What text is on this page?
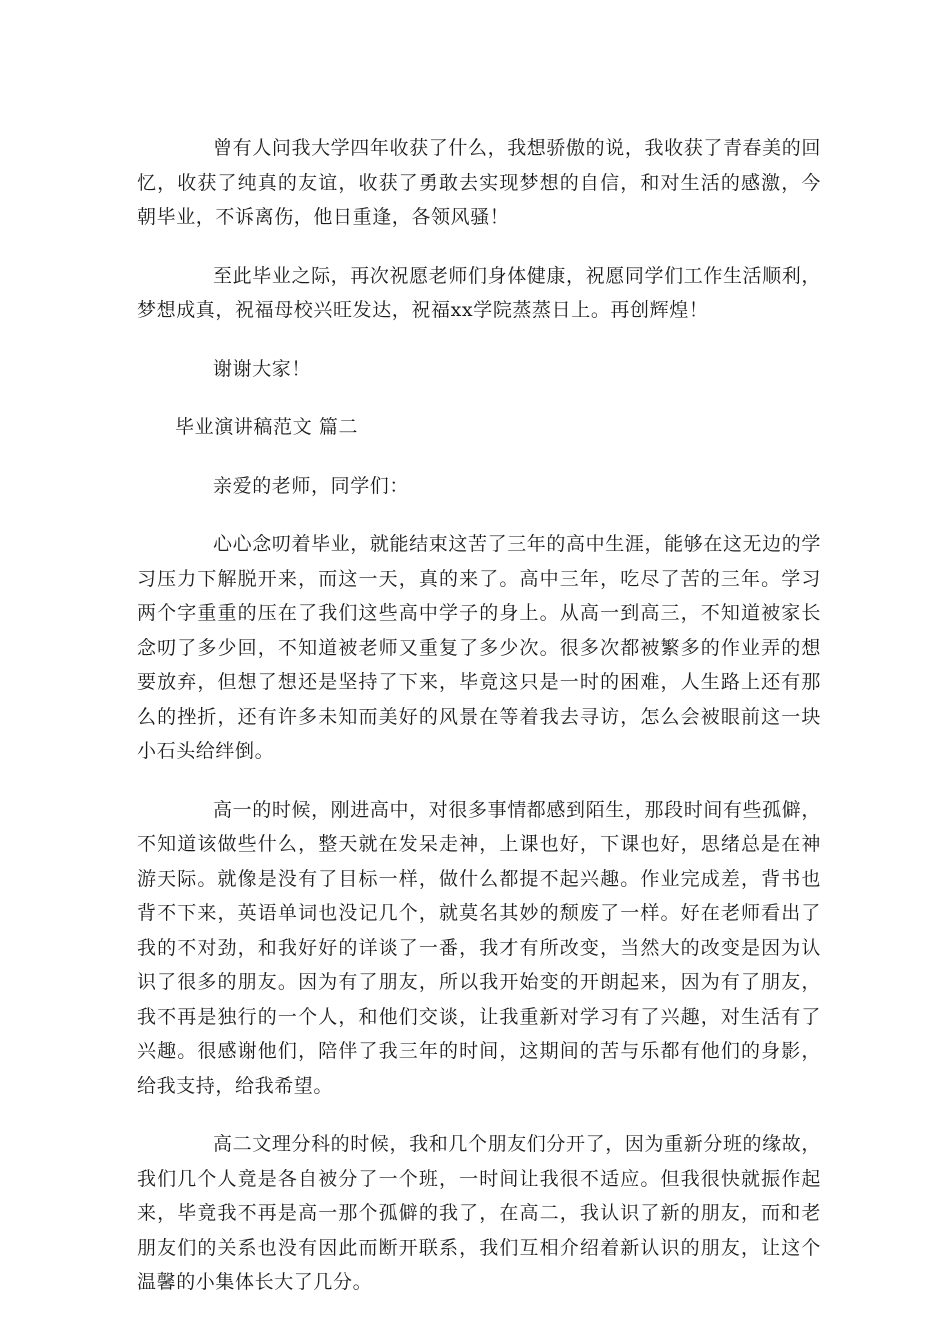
曾有人问我大学四年收获了什么，我想骄傲的说，我收获了青春美的回忆，收获了纯真的友谊，收获了勇敢去实现梦想的自信，和对生活的感激，今朝毕业，不诉离伤，他日重逢，各领风骚！

至此毕业之际，再次祝愿老师们身体健康，祝愿同学们工作生活顺利，梦想成真，祝福母校兴旺发达，祝福xx学院蒸蒸日上。再创辉煌！

谢谢大家！

毕业演讲稿范文 篇二

亲爱的老师，同学们：

心心念叨着毕业，就能结束这苦了三年的高中生涯，能够在这无边的学习压力下解脱开来，而这一天，真的来了。高中三年，吃尽了苦的三年。学习两个字重重的压在了我们这些高中学子的身上。从高一到高三，不知道被家长念叨了多少回，不知道被老师又重复了多少次。很多次都被繁多的作业弄的想要放弃，但想了想还是坚持了下来，毕竟这只是一时的困难，人生路上还有那么的挫折，还有许多未知而美好的风景在等着我去寻访，怎么会被眼前这一块小石头给绊倒。

高一的时候，刚进高中，对很多事情都感到陌生，那段时间有些孤僻，不知道该做些什么，整天就在发呆走神，上课也好，下课也好，思绪总是在神游天际。就像是没有了目标一样，做什么都提不起兴趣。作业完成差，背书也背不下来，英语单词也没记几个，就莫名其妙的颓废了一样。好在老师看出了我的不对劲，和我好好的详谈了一番，我才有所改变，当然大的改变是因为认识了很多的朋友。因为有了朋友，所以我开始变的开朗起来，因为有了朋友，我不再是独行的一个人，和他们交谈，让我重新对学习有了兴趣，对生活有了兴趣。很感谢他们，陪伴了我三年的时间，这期间的苦与乐都有他们的身影，给我支持，给我希望。

高二文理分科的时候，我和几个朋友们分开了，因为重新分班的缘故，我们几个人竟是各自被分了一个班，一时间让我很不适应。但我很快就振作起来，毕竟我不再是高一那个孤僻的我了，在高二，我认识了新的朋友，而和老朋友们的关系也没有因此而断开联系，我们互相介绍着新认识的朋友，让这个温馨的小集体长大了几分。
